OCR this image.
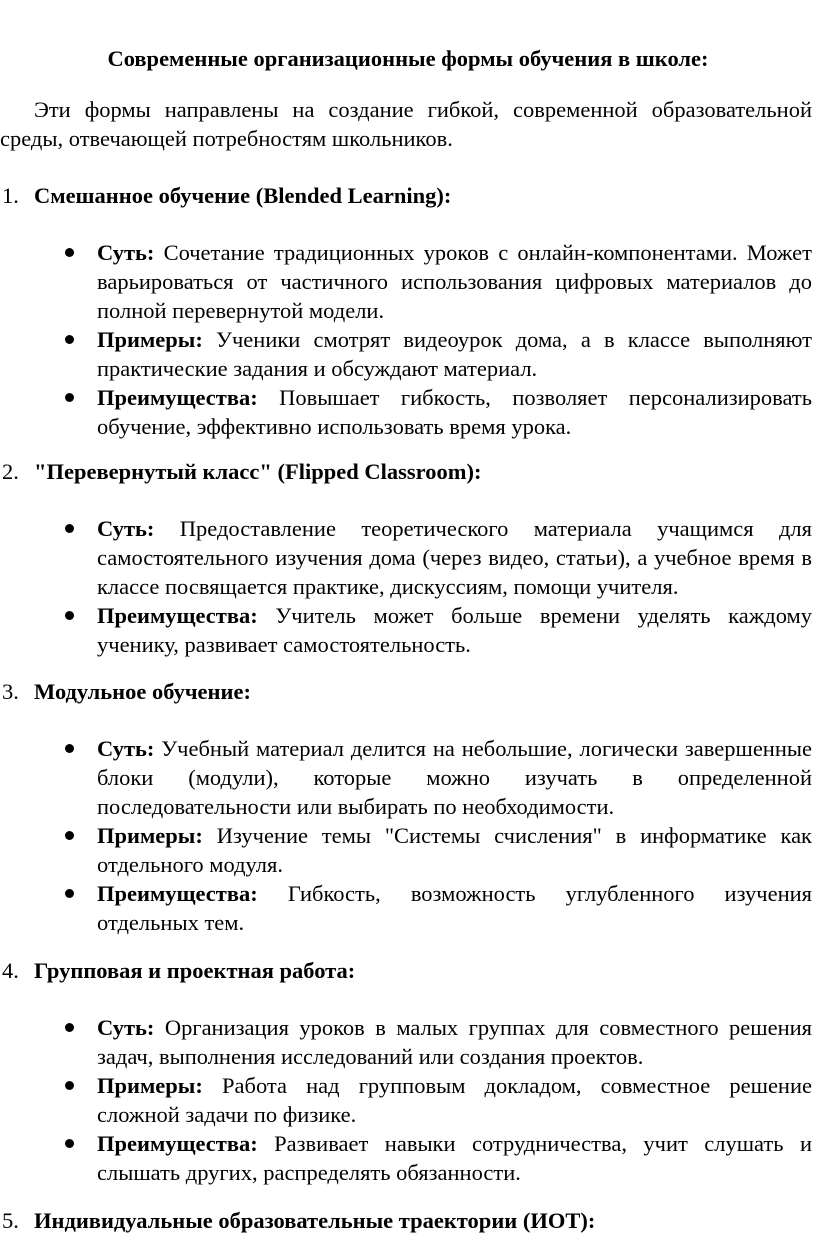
Современные организационные формы обучения в школе:

Эти формы направлены на создание гибкой, современной образовательной среды, отвечающей потребностям школьников.

1. Смешанное обучение (Blended Learning):
Суть: Сочетание традиционных уроков с онлайн-компонентами. Может варьироваться от частичного использования цифровых материалов до полной перевернутой модели.
Примеры: Ученики смотрят видеоурок дома, а в классе выполняют практические задания и обсуждают материал.
Преимущества: Повышает гибкость, позволяет персонализировать обучение, эффективно использовать время урока.
2. "Перевернутый класс" (Flipped Classroom):
Суть: Предоставление теоретического материала учащимся для самостоятельного изучения дома (через видео, статьи), а учебное время в классе посвящается практике, дискуссиям, помощи учителя.
Преимущества: Учитель может больше времени уделять каждому ученику, развивает самостоятельность.
3. Модульное обучение:
Суть: Учебный материал делится на небольшие, логически завершенные блоки (модули), которые можно изучать в определенной последовательности или выбирать по необходимости.
Примеры: Изучение темы "Системы счисления" в информатике как отдельного модуля.
Преимущества: Гибкость, возможность углубленного изучения отдельных тем.
4. Групповая и проектная работа:
Суть: Организация уроков в малых группах для совместного решения задач, выполнения исследований или создания проектов.
Примеры: Работа над групповым докладом, совместное решение сложной задачи по физике.
Преимущества: Развивает навыки сотрудничества, учит слушать и слышать других, распределять обязанности.
5. Индивидуальные образовательные траектории (ИОТ):
